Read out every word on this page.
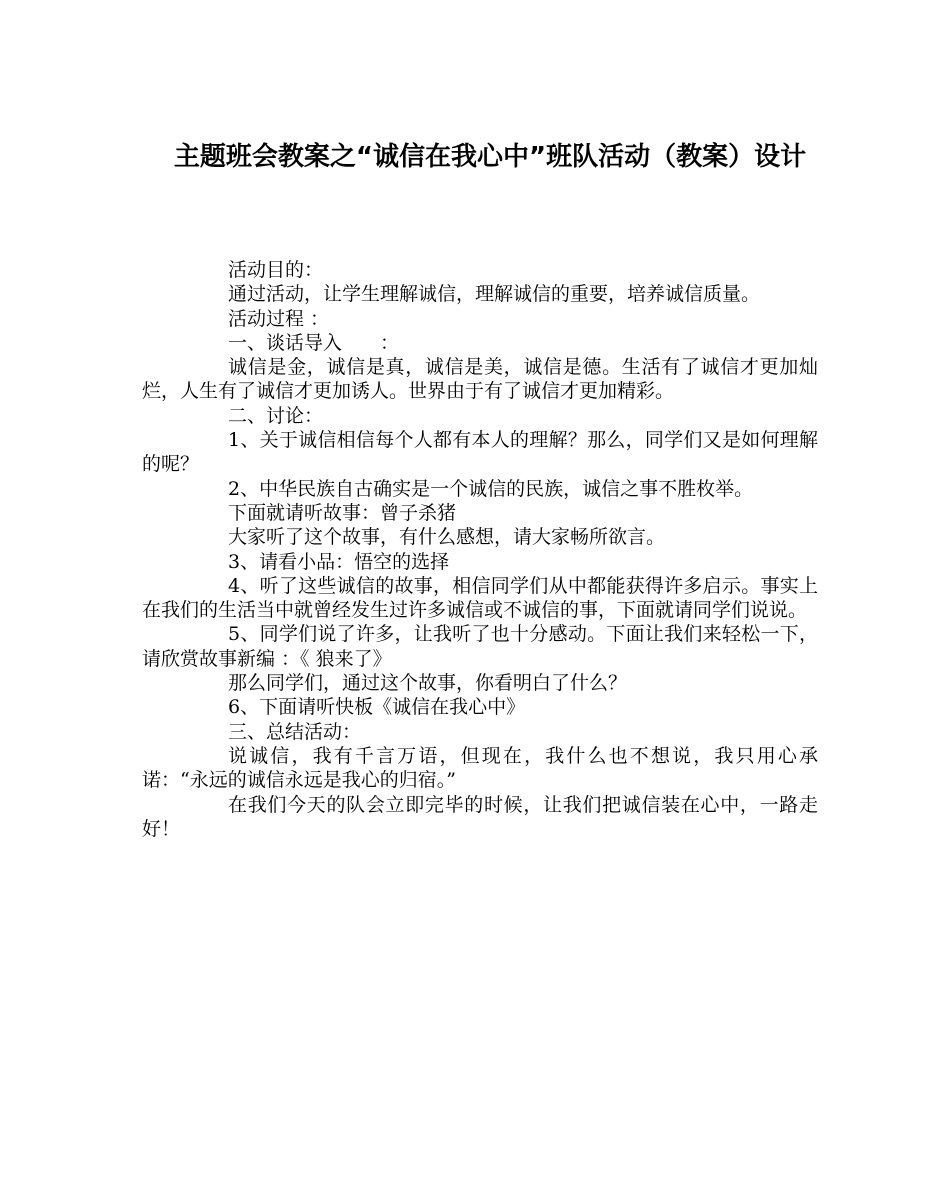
主题班会教案之“诚信在我心中”班队活动（教案）设计

活动目的：

通过活动，让学生理解诚信，理解诚信的重要，培养诚信质量。

活动过程 ：

一、谈话导入　　：

诚信是金，诚信是真，诚信是美，诚信是德。生活有了诚信才更加灿烂，人生有了诚信才更加诱人。世界由于有了诚信才更加精彩。

二、讨论：

1、关于诚信相信每个人都有本人的理解？那么，同学们又是如何理解的呢？

2、中华民族自古确实是一个诚信的民族，诚信之事不胜枚举。

下面就请听故事：曾子杀猪

大家听了这个故事，有什么感想，请大家畅所欲言。

3、请看小品：悟空的选择

4、听了这些诚信的故事，相信同学们从中都能获得许多启示。事实上在我们的生活当中就曾经发生过许多诚信或不诚信的事，下面就请同学们说说。

5、同学们说了许多，让我听了也十分感动。下面让我们来轻松一下，请欣赏故事新编 ：《 狼来了》

那么同学们，通过这个故事，你看明白了什么？

6、下面请听快板《诚信在我心中》

三、总结活动：

说诚信，我有千言万语，但现在，我什么也不想说，我只用心承诺：“永远的诚信永远是我心的归宿。”

在我们今天的队会立即完毕的时候，让我们把诚信装在心中，一路走好！
